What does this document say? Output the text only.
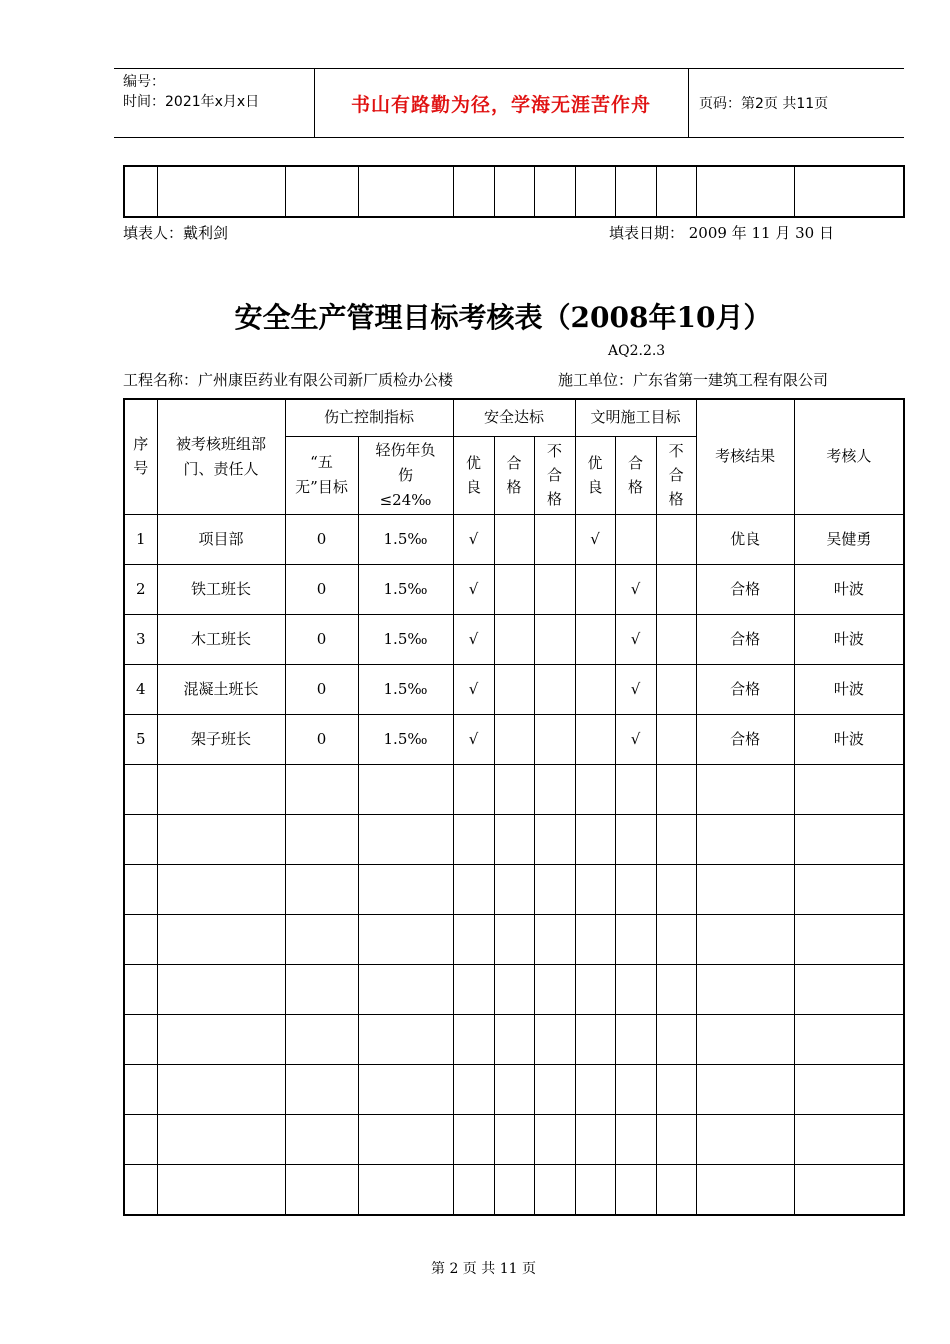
编号：
时间：2021年x月x日	书山有路勤为径，学海无涯苦作舟	页码：第2页 共11页

填表人：戴利剑	填表日期： 2009 年 11 月 30 日
安全生产管理目标考核表（2008年10月）
AQ2.2.3
工程名称：广州康臣药业有限公司新厂质检办公楼	施工单位：广东省第一建筑工程有限公司
序号	被考核班组部门、责任人	伤亡控制指标		安全达标			文明施工目标			考核结果	考核人

		“五无”目标	轻伤年负伤≤24‰	优良	合格	不合格	优良	合格	不合格		
1	项目部	0	1.5‰	√			√			优良	吴健勇
2	铁工班长	0	1.5‰	√				√		合格	叶波
3	木工班长	0	1.5‰	√				√		合格	叶波
4	混凝土班长	0	1.5‰	√				√		合格	叶波
5	架子班长	0	1.5‰	√				√		合格	叶波

第 2 页 共 11 页
